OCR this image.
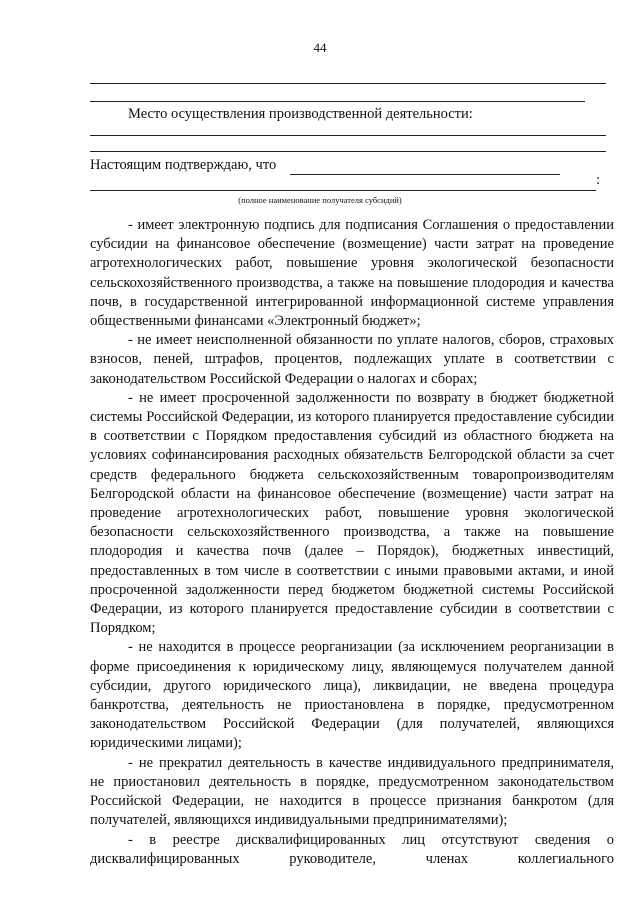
44
Место осуществления производственной деятельности:
Настоящим подтверждаю, что
:
(полное наименование получателя субсидий)

- имеет электронную подпись для подписания Соглашения о предоставлении субсидии на финансовое обеспечение (возмещение) части затрат на проведение агротехнологических работ, повышение уровня экологической безопасности сельскохозяйственного производства, а также на повышение плодородия и качества почв, в государственной интегрированной информационной системе управления общественными финансами «Электронный бюджет»;

- не имеет неисполненной обязанности по уплате налогов, сборов, страховых взносов, пеней, штрафов, процентов, подлежащих уплате в соответствии с законодательством Российской Федерации о налогах и сборах;

- не имеет просроченной задолженности по возврату в бюджет бюджетной системы Российской Федерации, из которого планируется предоставление субсидии в соответствии с Порядком предоставления субсидий из областного бюджета на условиях софинансирования расходных обязательств Белгородской области за счет средств федерального бюджета сельскохозяйственным товаропроизводителям Белгородской области на финансовое обеспечение (возмещение) части затрат на проведение агротехнологических работ, повышение уровня экологической безопасности сельскохозяйственного производства, а также на повышение плодородия и качества почв (далее – Порядок), бюджетных инвестиций, предоставленных в том числе в соответствии с иными правовыми актами, и иной просроченной задолженности перед бюджетом бюджетной системы Российской Федерации, из которого планируется предоставление субсидии в соответствии с Порядком;

- не находится в процессе реорганизации (за исключением реорганизации в форме присоединения к юридическому лицу, являющемуся получателем данной субсидии, другого юридического лица), ликвидации, не введена процедура банкротства, деятельность не приостановлена в порядке, предусмотренном законодательством Российской Федерации (для получателей, являющихся юридическими лицами);

- не прекратил деятельность в качестве индивидуального предпринимателя, не приостановил деятельность в порядке, предусмотренном законодательством Российской Федерации, не находится в процессе признания банкротом (для получателей, являющихся индивидуальными предпринимателями);

- в реестре дисквалифицированных лиц отсутствуют сведения о дисквалифицированных руководителе, членах коллегиального
